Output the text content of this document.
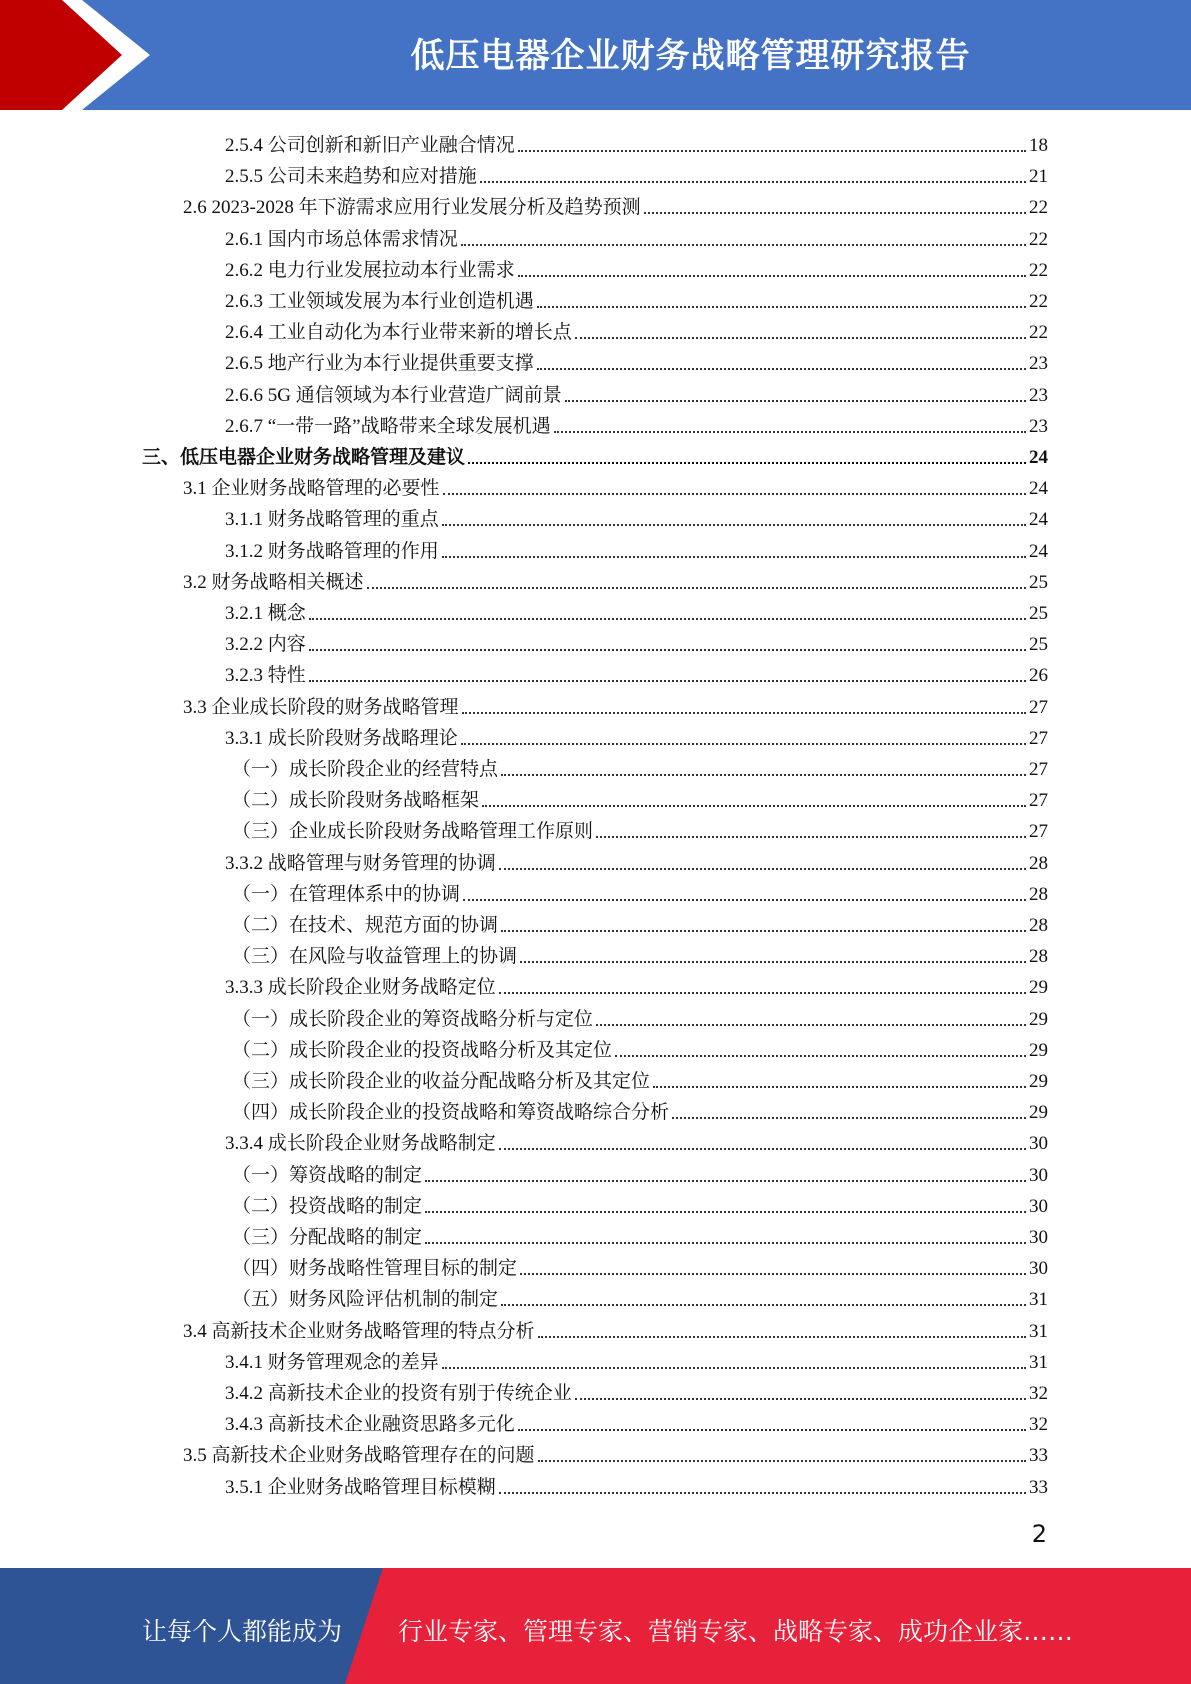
低压电器企业财务战略管理研究报告
2.5.4 公司创新和新旧产业融合情况	18
2.5.5 公司未来趋势和应对措施	21
2.6 2023-2028 年下游需求应用行业发展分析及趋势预测	22
2.6.1 国内市场总体需求情况	22
2.6.2 电力行业发展拉动本行业需求	22
2.6.3 工业领域发展为本行业创造机遇	22
2.6.4 工业自动化为本行业带来新的增长点	22
2.6.5 地产行业为本行业提供重要支撑	23
2.6.6 5G 通信领域为本行业营造广阔前景	23
2.6.7 “一带一路”战略带来全球发展机遇	23
三、低压电器企业财务战略管理及建议	24
3.1 企业财务战略管理的必要性	24
3.1.1 财务战略管理的重点	24
3.1.2 财务战略管理的作用	24
3.2 财务战略相关概述	25
3.2.1 概念	25
3.2.2 内容	25
3.2.3 特性	26
3.3 企业成长阶段的财务战略管理	27
3.3.1 成长阶段财务战略理论	27
（一）成长阶段企业的经营特点	27
（二）成长阶段财务战略框架	27
（三）企业成长阶段财务战略管理工作原则	27
3.3.2 战略管理与财务管理的协调	28
（一）在管理体系中的协调	28
（二）在技术、规范方面的协调	28
（三）在风险与收益管理上的协调	28
3.3.3 成长阶段企业财务战略定位	29
（一）成长阶段企业的筹资战略分析与定位	29
（二）成长阶段企业的投资战略分析及其定位	29
（三）成长阶段企业的收益分配战略分析及其定位	29
（四）成长阶段企业的投资战略和筹资战略综合分析	29
3.3.4 成长阶段企业财务战略制定	30
（一）筹资战略的制定	30
（二）投资战略的制定	30
（三）分配战略的制定	30
（四）财务战略性管理目标的制定	30
（五）财务风险评估机制的制定	31
3.4 高新技术企业财务战略管理的特点分析	31
3.4.1 财务管理观念的差异	31
3.4.2 高新技术企业的投资有别于传统企业	32
3.4.3 高新技术企业融资思路多元化	32
3.5 高新技术企业财务战略管理存在的问题	33
3.5.1 企业财务战略管理目标模糊	33
2
让每个人都能成为 行业专家、管理专家、营销专家、战略专家、成功企业家……
